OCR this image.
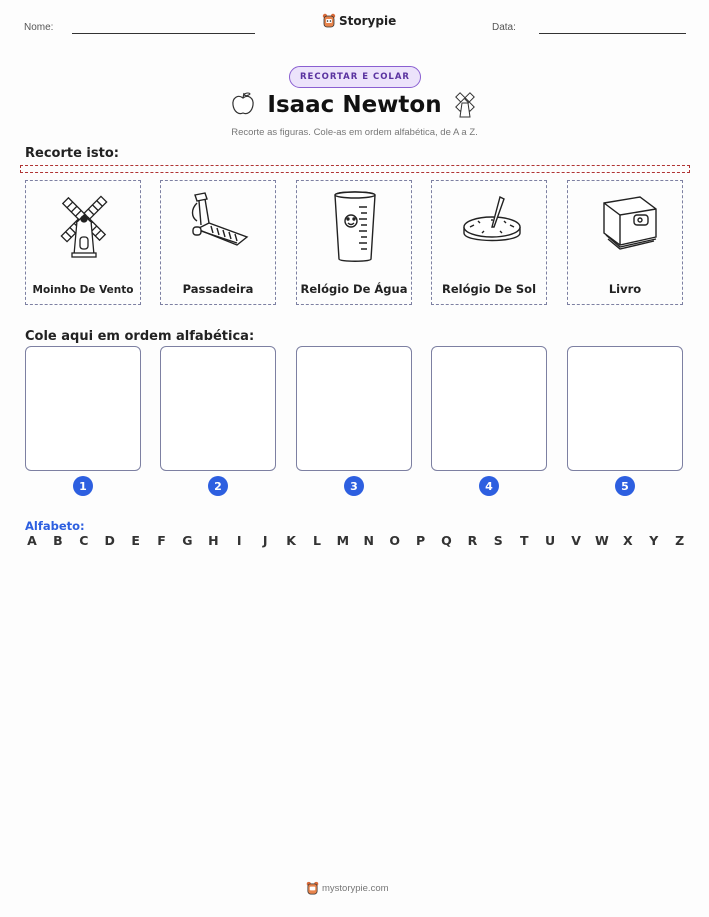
Nome:	Storypie	Data:
RECORTAR E COLAR
Isaac Newton
Recorte as figuras. Cole-as em ordem alfabética, de A a Z.
Recorte isto:
Moinho De Vento	Passadeira	Relógio De Água	Relógio De Sol	Livro
Cole aqui em ordem alfabética:
1	2	3	4	5
Alfabeto:
A B C D E F G H	I	J	K L M N O P Q R S T U V W X Y Z
mystorypie.com
